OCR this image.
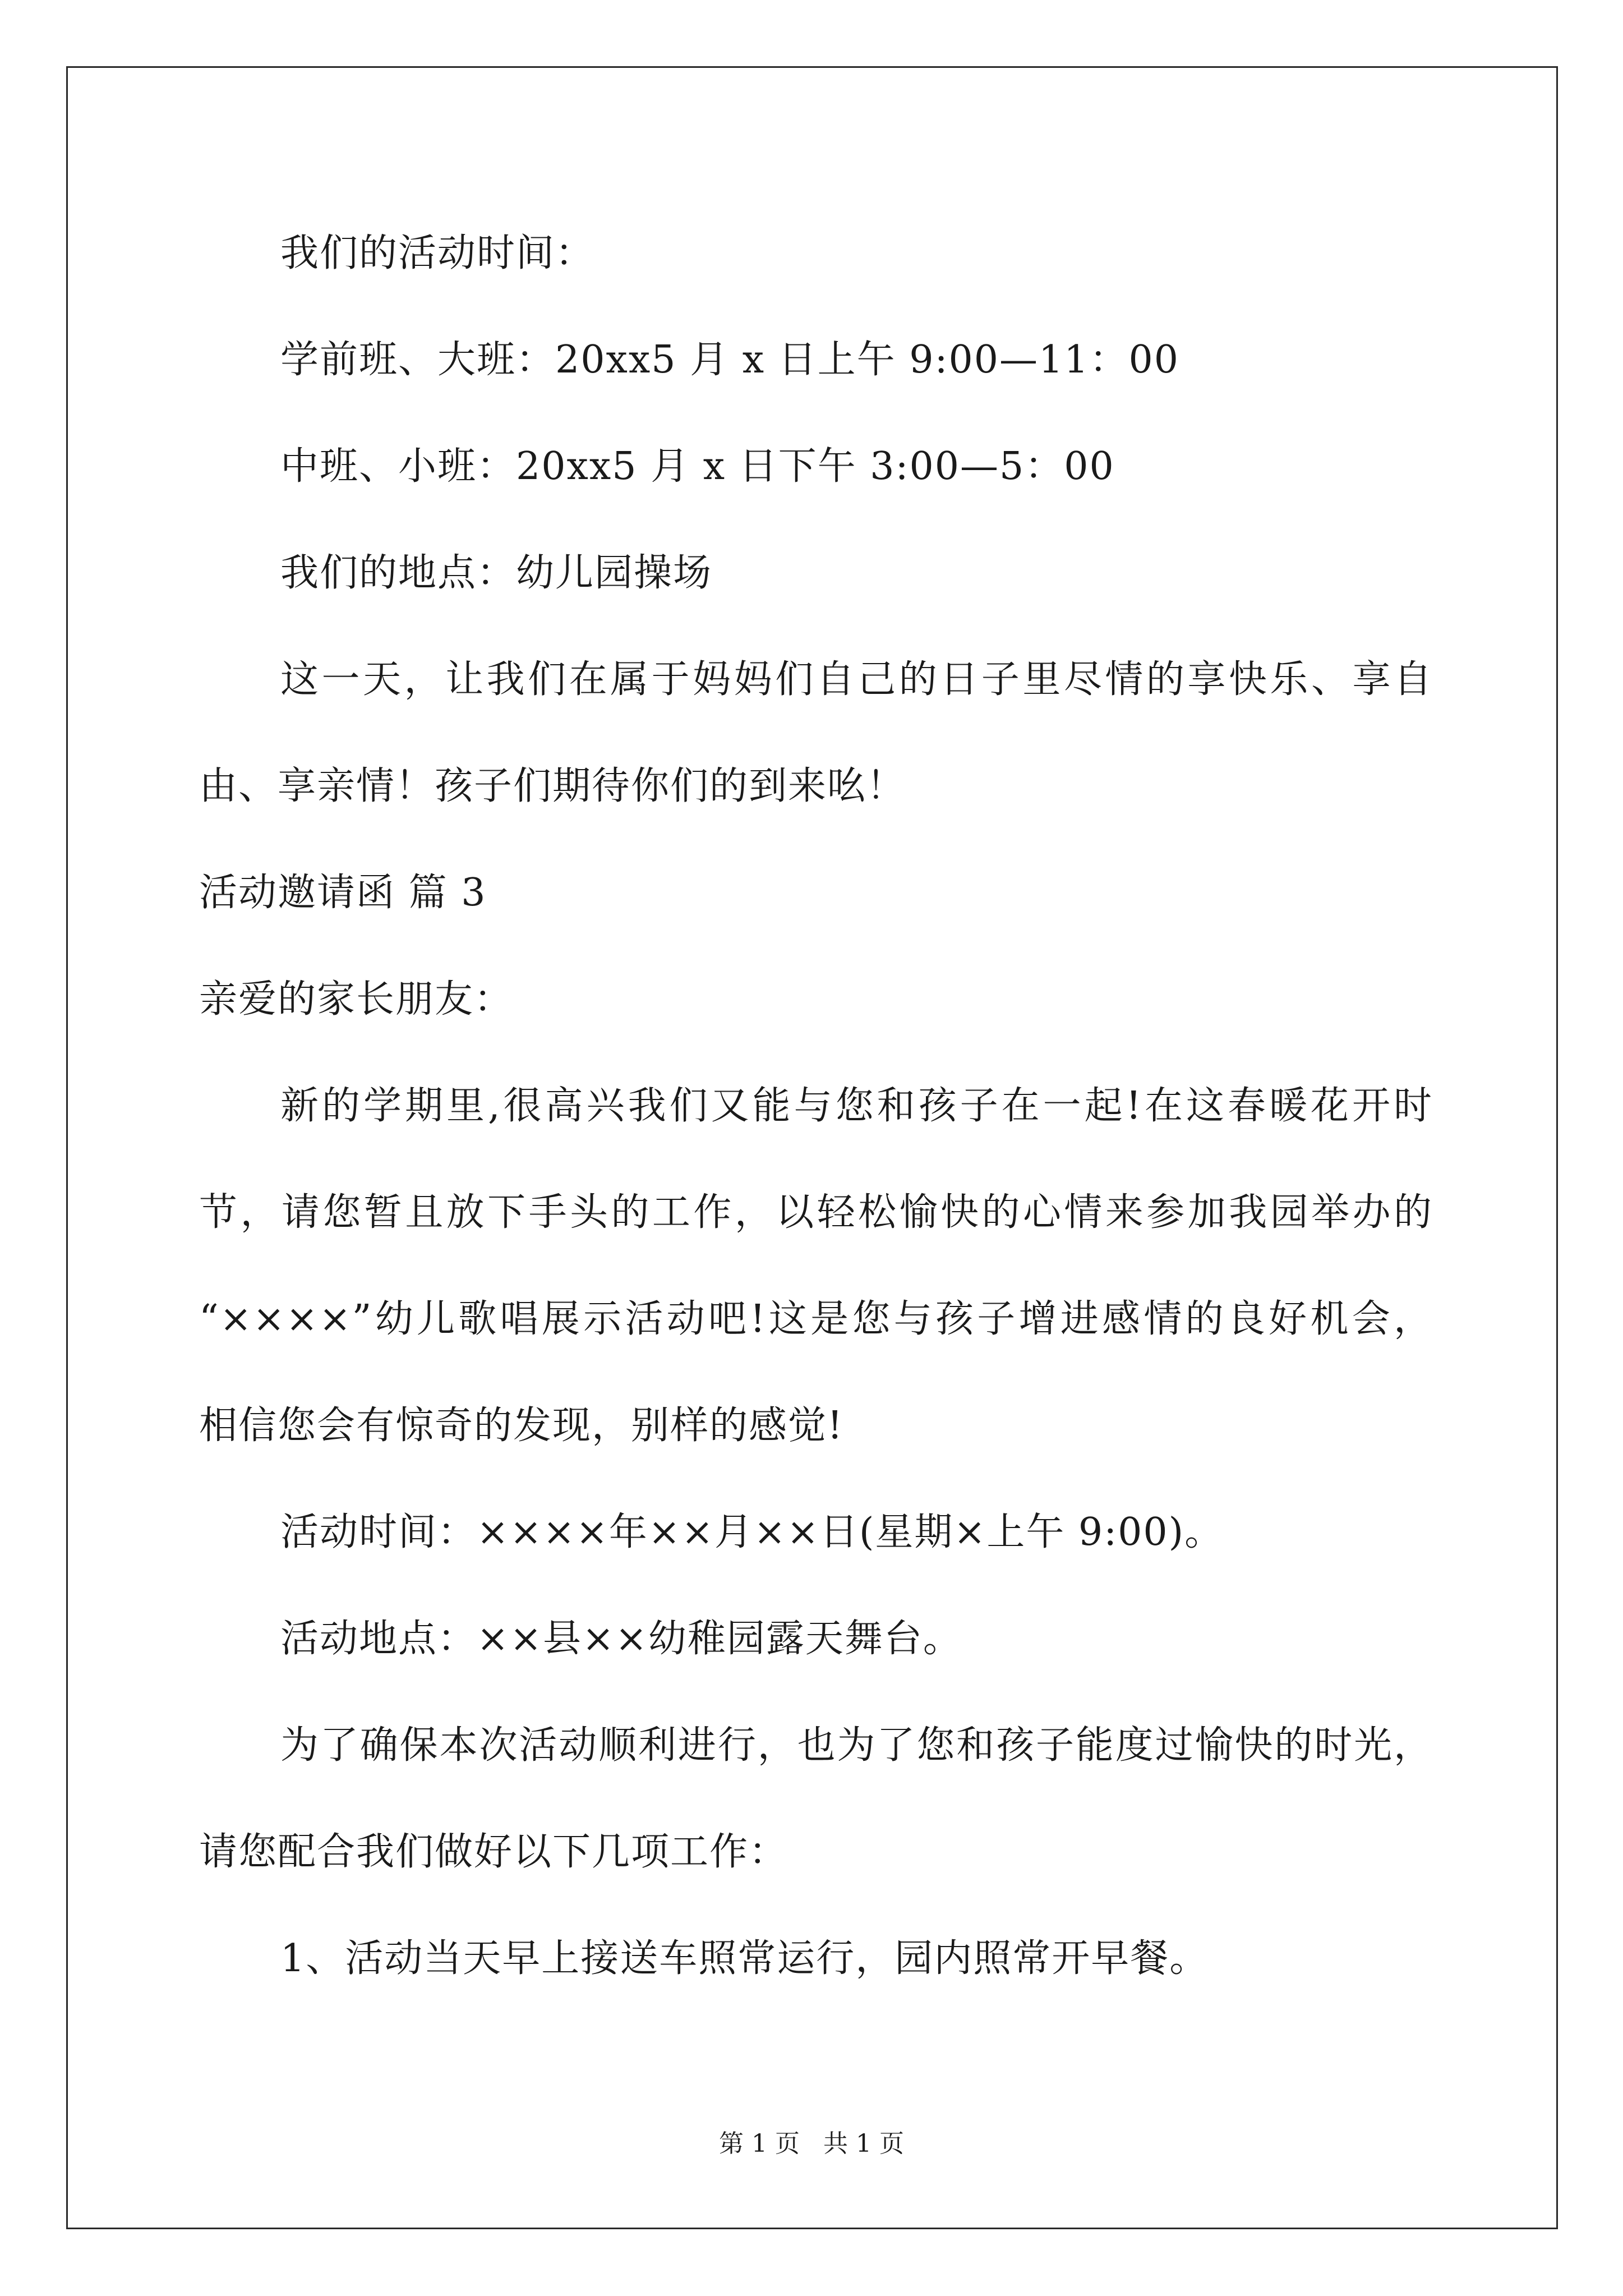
我们的活动时间：
学前班、大班：20xx5 月 x 日上午 9:00—11：00
中班、小班：20xx5 月 x 日下午 3:00—5：00
我们的地点：幼儿园操场
这一天，让我们在属于妈妈们自己的日子里尽情的享快乐、享自
由、享亲情！孩子们期待你们的到来吆！
活动邀请函 篇 3
亲爱的家长朋友：
新的学期里,很高兴我们又能与您和孩子在一起!在这春暖花开时
节，请您暂且放下手头的工作，以轻松愉快的心情来参加我园举办的
“××××”幼儿歌唱展示活动吧!这是您与孩子增进感情的良好机会，
相信您会有惊奇的发现，别样的感觉!
活动时间：××××年××月××日(星期×上午 9:00)。
活动地点：××县××幼稚园露天舞台。
为了确保本次活动顺利进行，也为了您和孩子能度过愉快的时光，
请您配合我们做好以下几项工作：
1、活动当天早上接送车照常运行，园内照常开早餐。
第 1 页 共 1 页
